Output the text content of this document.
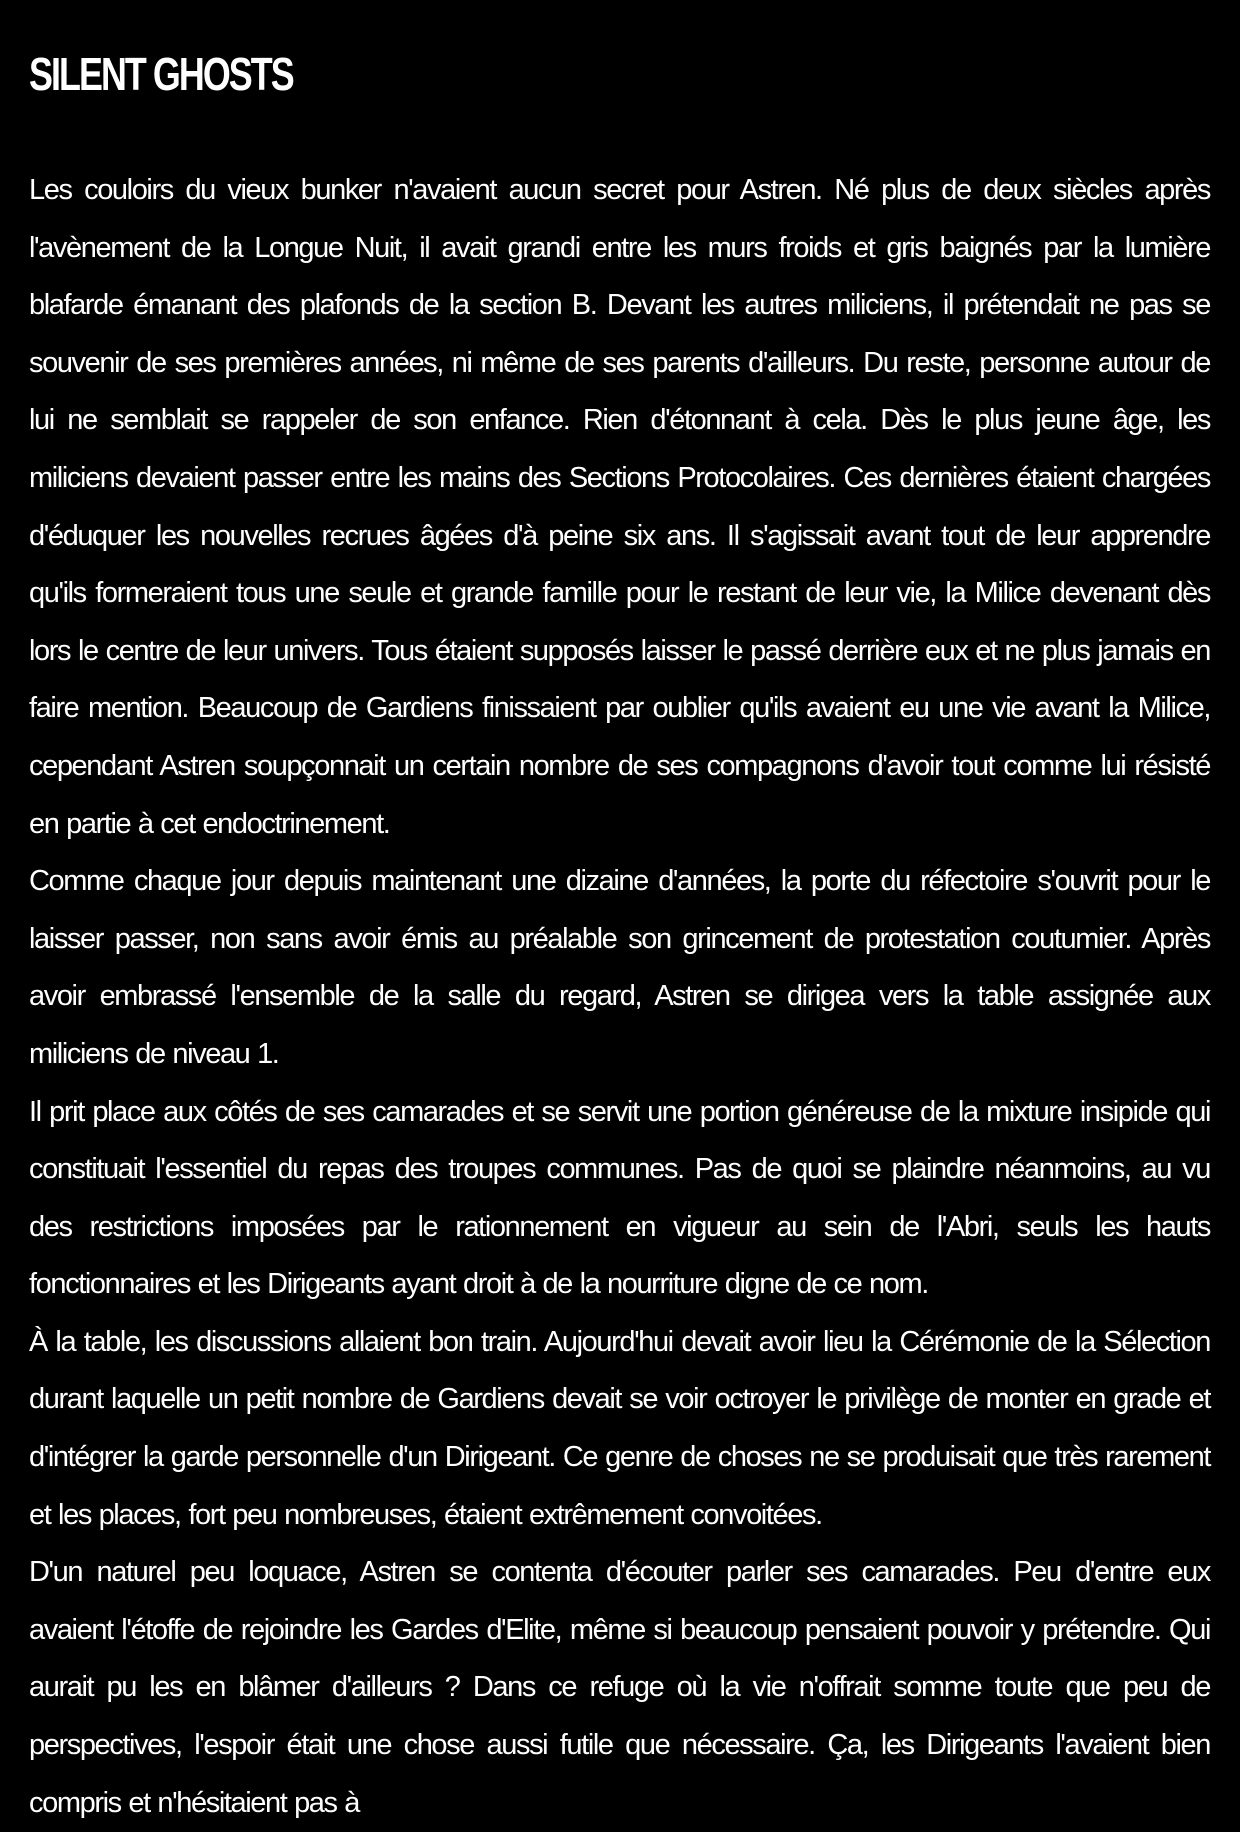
SILENT GHOSTS

Les couloirs du vieux bunker n'avaient aucun secret pour Astren. Né plus de deux siècles après l'avènement de la Longue Nuit, il avait grandi entre les murs froids et gris baignés par la lumière blafarde émanant des plafonds de la section B. Devant les autres miliciens, il prétendait ne pas se souvenir de ses premières années, ni même de ses parents d'ailleurs. Du reste, personne autour de lui ne semblait se rappeler de son enfance. Rien d'étonnant à cela. Dès le plus jeune âge, les miliciens devaient passer entre les mains des Sections Protocolaires. Ces dernières étaient chargées d'éduquer les nouvelles recrues âgées d'à peine six ans. Il s'agissait avant tout de leur apprendre qu'ils formeraient tous une seule et grande famille pour le restant de leur vie, la Milice devenant dès lors le centre de leur univers. Tous étaient supposés laisser le passé derrière eux et ne plus jamais en faire mention. Beaucoup de Gardiens finissaient par oublier qu'ils avaient eu une vie avant la Milice, cependant Astren soupçonnait un certain nombre de ses compagnons d'avoir tout comme lui résisté en partie à cet endoctrinement.

Comme chaque jour depuis maintenant une dizaine d'années, la porte du réfectoire s'ouvrit pour le laisser passer, non sans avoir émis au préalable son grincement de protestation coutumier. Après avoir embrassé l'ensemble de la salle du regard, Astren se dirigea vers la table assignée aux miliciens de niveau 1.

Il prit place aux côtés de ses camarades et se servit une portion généreuse de la mixture insipide qui constituait l'essentiel du repas des troupes communes. Pas de quoi se plaindre néanmoins, au vu des restrictions imposées par le rationnement en vigueur au sein de l'Abri, seuls les hauts fonctionnaires et les Dirigeants ayant droit à de la nourriture digne de ce nom.

À la table, les discussions allaient bon train. Aujourd'hui devait avoir lieu la Cérémonie de la Sélection durant laquelle un petit nombre de Gardiens devait se voir octroyer le privilège de monter en grade et d'intégrer la garde personnelle d'un Dirigeant. Ce genre de choses ne se produisait que très rarement et les places, fort peu nombreuses, étaient extrêmement convoitées.

D'un naturel peu loquace, Astren se contenta d'écouter parler ses camarades. Peu d'entre eux avaient l'étoffe de rejoindre les Gardes d'Elite, même si beaucoup pensaient pouvoir y prétendre. Qui aurait pu les en blâmer d'ailleurs ? Dans ce refuge où la vie n'offrait somme toute que peu de perspectives, l'espoir était une chose aussi futile que nécessaire. Ça, les Dirigeants l'avaient bien compris et n'hésitaient pas à
